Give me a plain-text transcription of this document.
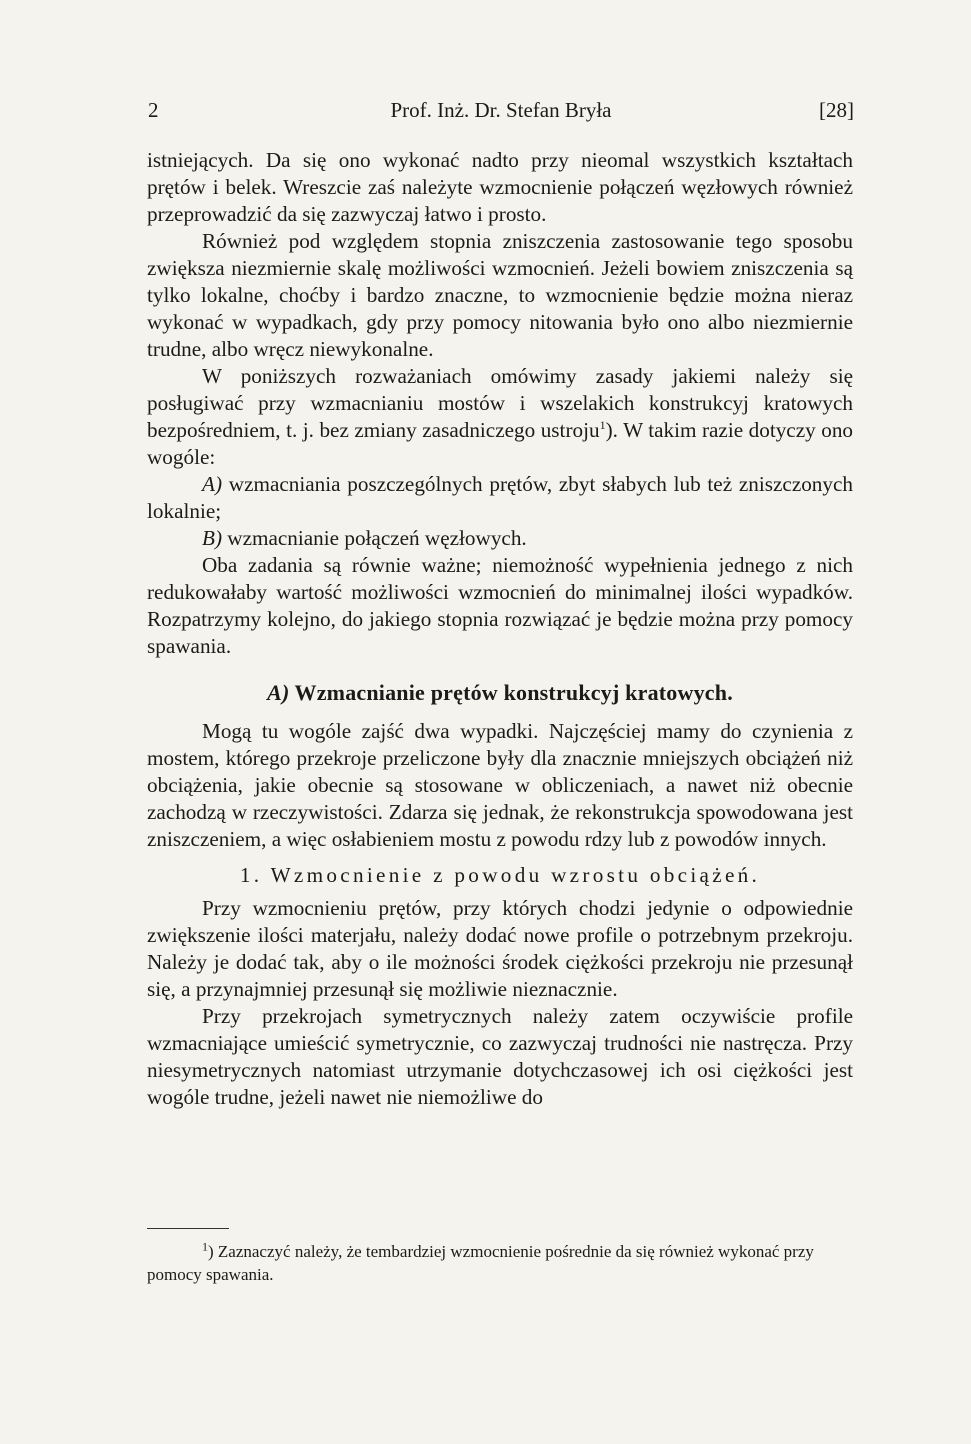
2	Prof. Inż. Dr. Stefan Bryła	[28]

istniejących. Da się ono wykonać nadto przy nieomal wszystkich kształtach prętów i belek. Wreszcie zaś należyte wzmocnienie połączeń węzłowych również przeprowadzić da się zazwyczaj łatwo i prosto.

Również pod względem stopnia zniszczenia zastosowanie tego sposobu zwiększa niezmiernie skalę możliwości wzmocnień. Jeżeli bowiem zniszczenia są tylko lokalne, choćby i bardzo znaczne, to wzmocnienie będzie można nieraz wykonać w wypadkach, gdy przy pomocy nitowania było ono albo niezmiernie trudne, albo wręcz niewykonalne.

W poniższych rozważaniach omówimy zasady jakiemi należy się posługiwać przy wzmacnianiu mostów i wszelakich konstrukcyj kratowych bezpośredniem, t. j. bez zmiany zasadniczego ustroju$^1$). W takim razie dotyczy ono wogóle:

A) wzmacniania poszczególnych prętów, zbyt słabych lub też zniszczonych lokalnie;

B) wzmacnianie połączeń węzłowych.

Oba zadania są równie ważne; niemożność wypełnienia jednego z nich redukowałaby wartość możliwości wzmocnień do minimalnej ilości wypadków. Rozpatrzymy kolejno, do jakiego stopnia rozwiązać je będzie można przy pomocy spawania.

A) Wzmacnianie prętów konstrukcyj kratowych.

Mogą tu wogóle zajść dwa wypadki. Najczęściej mamy do czynienia z mostem, którego przekroje przeliczone były dla znacznie mniejszych obciążeń niż obciążenia, jakie obecnie są stosowane w obliczeniach, a nawet niż obecnie zachodzą w rzeczywistości. Zdarza się jednak, że rekonstrukcja spowodowana jest zniszczeniem, a więc osłabieniem mostu z powodu rdzy lub z powodów innych.

1. Wzmocnienie z powodu wzrostu obciążeń.

Przy wzmocnieniu prętów, przy których chodzi jedynie o odpowiednie zwiększenie ilości materjału, należy dodać nowe profile o potrzebnym przekroju. Należy je dodać tak, aby o ile możności środek ciężkości przekroju nie przesunął się, a przynajmniej przesunął się możliwie nieznacznie.

Przy przekrojach symetrycznych należy zatem oczywiście profile wzmacniające umieścić symetrycznie, co zazwyczaj trudności nie nastręcza. Przy niesymetrycznych natomiast utrzymanie dotychczasowej ich osi ciężkości jest wogóle trudne, jeżeli nawet nie niemożliwe do

$^1$) Zaznaczyć należy, że tembardziej wzmocnienie pośrednie da się również wykonać przy pomocy spawania.
